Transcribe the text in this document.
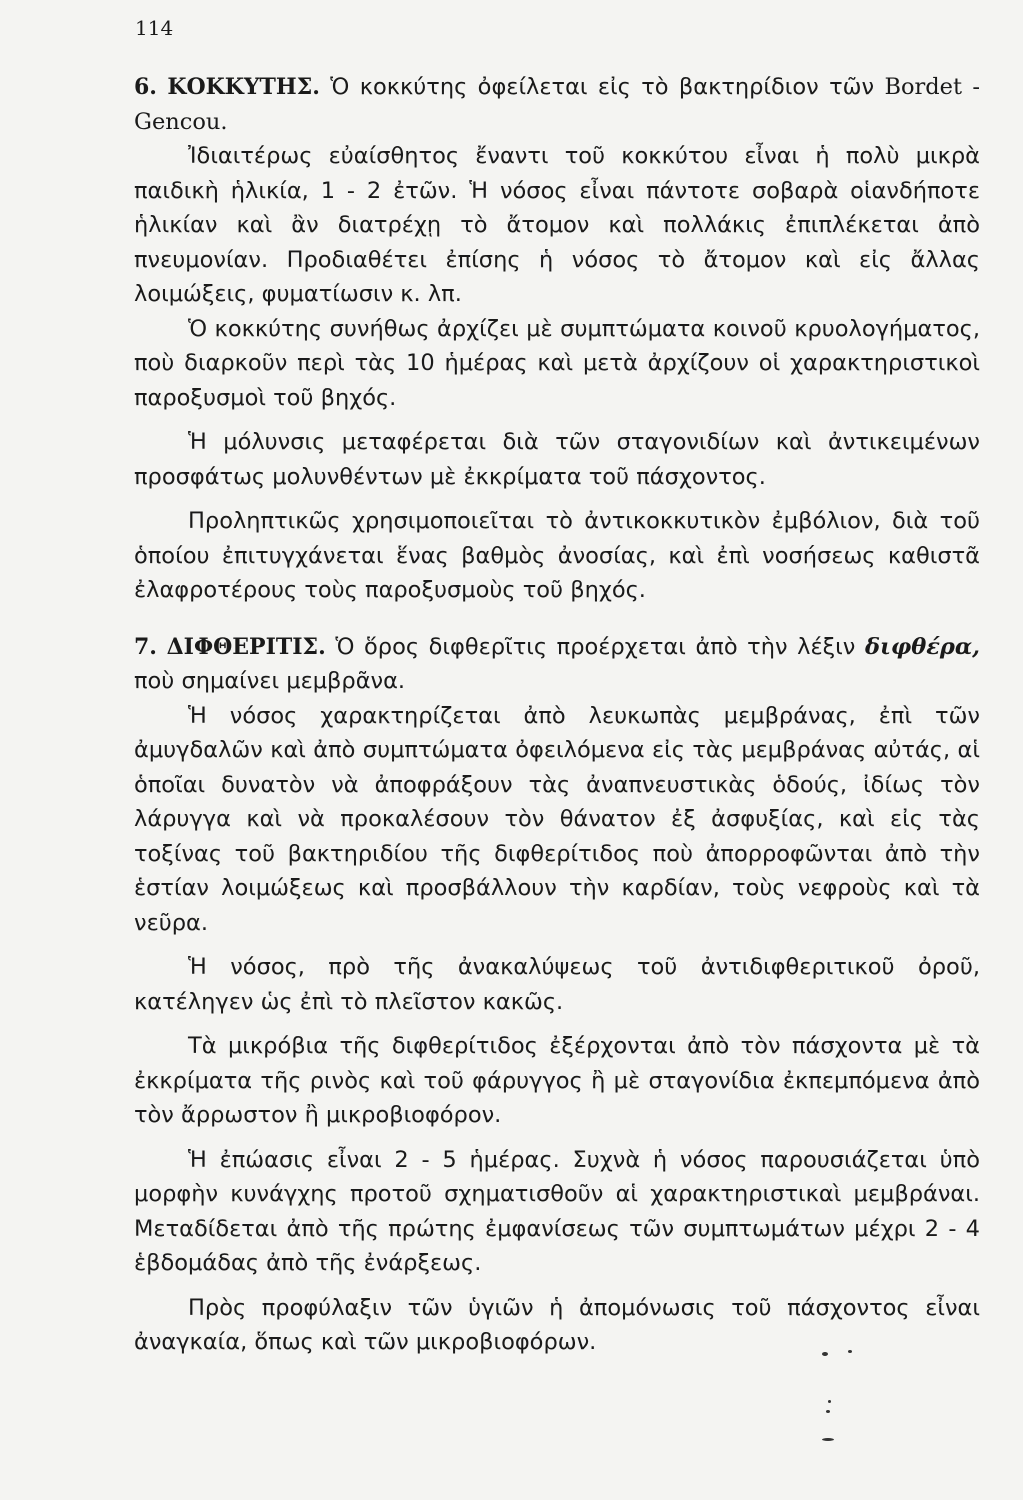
114

6. ΚΟΚΚΥΤΗΣ. Ὁ κοκκύτης ὀφείλεται εἰς τὸ βακτηρίδιον τῶν Bordet - Gencou.

Ἰδιαιτέρως εὐαίσθητος ἔναντι τοῦ κοκκύτου εἶναι ἡ πολὺ μικρὰ παιδικὴ ἡλικία, 1 - 2 ἐτῶν. Ἡ νόσος εἶναι πάντοτε σοβαρὰ οἱανδήποτε ἡλικίαν καὶ ἂν διατρέχῃ τὸ ἄτομον καὶ πολλάκις ἐπιπλέκεται ἀπὸ πνευμονίαν. Προδιαθέτει ἐπίσης ἡ νόσος τὸ ἄτομον καὶ εἰς ἄλλας λοιμώξεις, φυματίωσιν κ. λπ.

Ὁ κοκκύτης συνήθως ἀρχίζει μὲ συμπτώματα κοινοῦ κρυολογήματος, ποὺ διαρκοῦν περὶ τὰς 10 ἡμέρας καὶ μετὰ ἀρχίζουν οἱ χαρακτηριστικοὶ παροξυσμοὶ τοῦ βηχός.

Ἡ μόλυνσις μεταφέρεται διὰ τῶν σταγονιδίων καὶ ἀντικειμένων προσφάτως μολυνθέντων μὲ ἐκκρίματα τοῦ πάσχοντος.

Προληπτικῶς χρησιμοποιεῖται τὸ ἀντικοκκυτικὸν ἐμβόλιον, διὰ τοῦ ὁποίου ἐπιτυγχάνεται ἕνας βαθμὸς ἀνοσίας, καὶ ἐπὶ νοσήσεως καθιστᾶ ἐλαφροτέρους τοὺς παροξυσμοὺς τοῦ βηχός.

7. ΔΙΦΘΕΡΙΤΙΣ. Ὁ ὅρος διφθερῖτις προέρχεται ἀπὸ τὴν λέξιν διφθέρα, ποὺ σημαίνει μεμβρᾶνα.

Ἡ νόσος χαρακτηρίζεται ἀπὸ λευκωπὰς μεμβράνας, ἐπὶ τῶν ἀμυγδαλῶν καὶ ἀπὸ συμπτώματα ὀφειλόμενα εἰς τὰς μεμβράνας αὐτάς, αἱ ὁποῖαι δυνατὸν νὰ ἀποφράξουν τὰς ἀναπνευστικὰς ὁδούς, ἰδίως τὸν λάρυγγα καὶ νὰ προκαλέσουν τὸν θάνατον ἐξ ἀσφυξίας, καὶ εἰς τὰς τοξίνας τοῦ βακτηριδίου τῆς διφθερίτιδος ποὺ ἀπορροφῶνται ἀπὸ τὴν ἑστίαν λοιμώξεως καὶ προσβάλλουν τὴν καρδίαν, τοὺς νεφροὺς καὶ τὰ νεῦρα.

Ἡ νόσος, πρὸ τῆς ἀνακαλύψεως τοῦ ἀντιδιφθεριτικοῦ ὀροῦ, κατέληγεν ὡς ἐπὶ τὸ πλεῖστον κακῶς.

Τὰ μικρόβια τῆς διφθερίτιδος ἐξέρχονται ἀπὸ τὸν πάσχοντα μὲ τὰ ἐκκρίματα τῆς ρινὸς καὶ τοῦ φάρυγγος ἢ μὲ σταγονίδια ἐκπεμπόμενα ἀπὸ τὸν ἄρρωστον ἢ μικροβιοφόρον.

Ἡ ἐπώασις εἶναι 2 - 5 ἡμέρας. Συχνὰ ἡ νόσος παρουσιάζεται ὑπὸ μορφὴν κυνάγχης προτοῦ σχηματισθοῦν αἱ χαρακτηριστικαὶ μεμβράναι. Μεταδίδεται ἀπὸ τῆς πρώτης ἐμφανίσεως τῶν συμπτωμάτων μέχρι 2 - 4 ἑβδομάδας ἀπὸ τῆς ἐνάρξεως.

Πρὸς προφύλαξιν τῶν ὑγιῶν ἡ ἀπομόνωσις τοῦ πάσχοντος εἶναι ἀναγκαία, ὅπως καὶ τῶν μικροβιοφόρων.
